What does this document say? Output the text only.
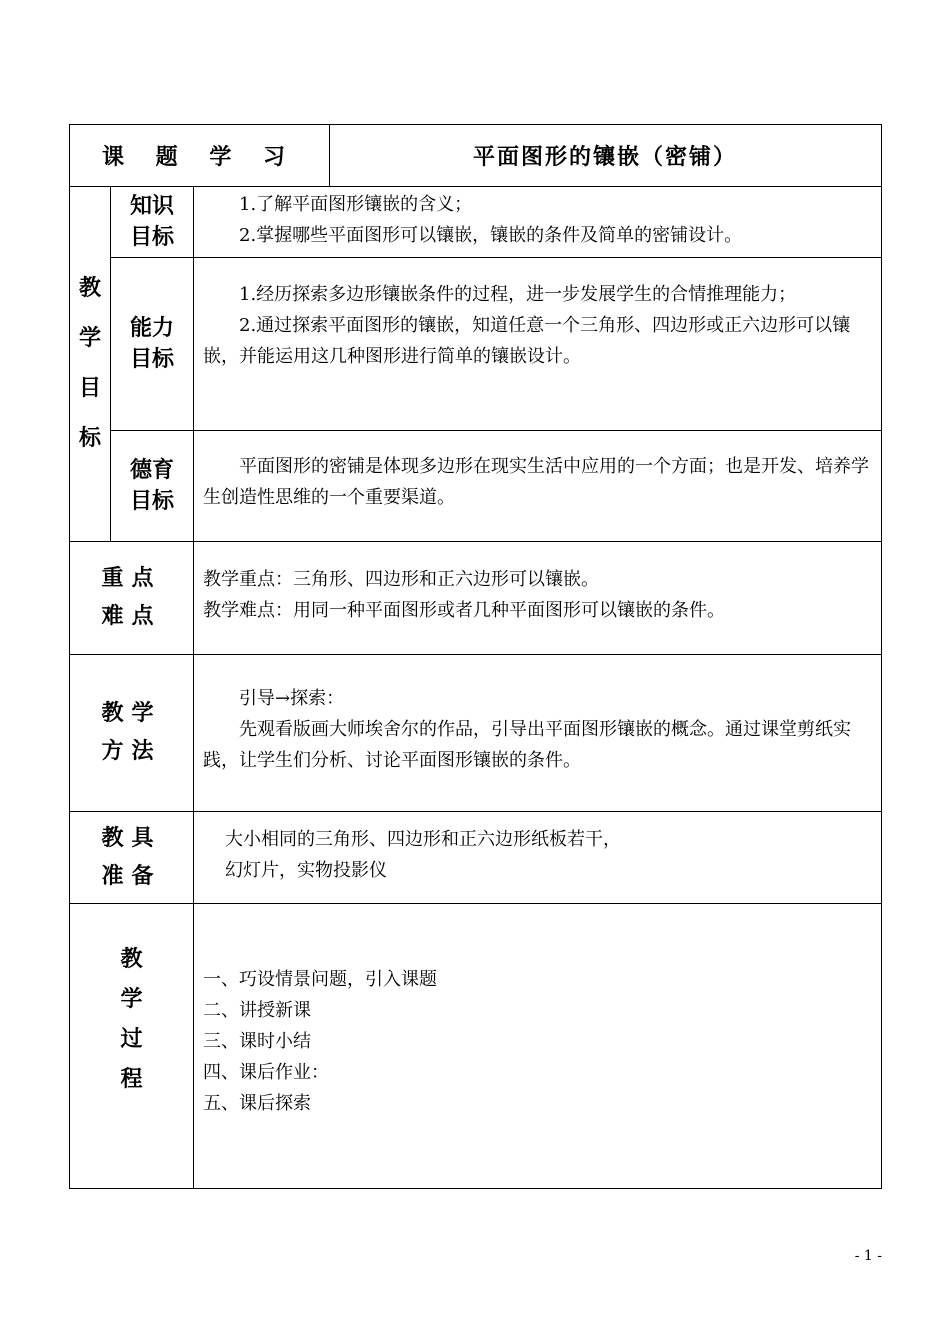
课 题 学 习	平面图形的镶嵌（密铺）
教
学
目
标
知识
目标

1.了解平面图形镶嵌的含义；

2.掌握哪些平面图形可以镶嵌，镶嵌的条件及简单的密铺设计。

能力
目标

1.经历探索多边形镶嵌条件的过程，进一步发展学生的合情推理能力；

2.通过探索平面图形的镶嵌，知道任意一个三角形、四边形或正六边形可以镶嵌，并能运用这几种图形进行简单的镶嵌设计。

德育
目标

平面图形的密铺是体现多边形在现实生活中应用的一个方面；也是开发、培养学生创造性思维的一个重要渠道。

重点
难点

教学重点：三角形、四边形和正六边形可以镶嵌。

教学难点：用同一种平面图形或者几种平面图形可以镶嵌的条件。

教学
方法

引导→探索：

先观看版画大师埃舍尔的作品，引导出平面图形镶嵌的概念。通过课堂剪纸实践，让学生们分析、讨论平面图形镶嵌的条件。

教具
准备

大小相同的三角形、四边形和正六边形纸板若干，

幻灯片，实物投影仪

教
学
过
程

一、巧设情景问题，引入课题

二、讲授新课

三、课时小结

四、课后作业：

五、课后探索

- 1 -
